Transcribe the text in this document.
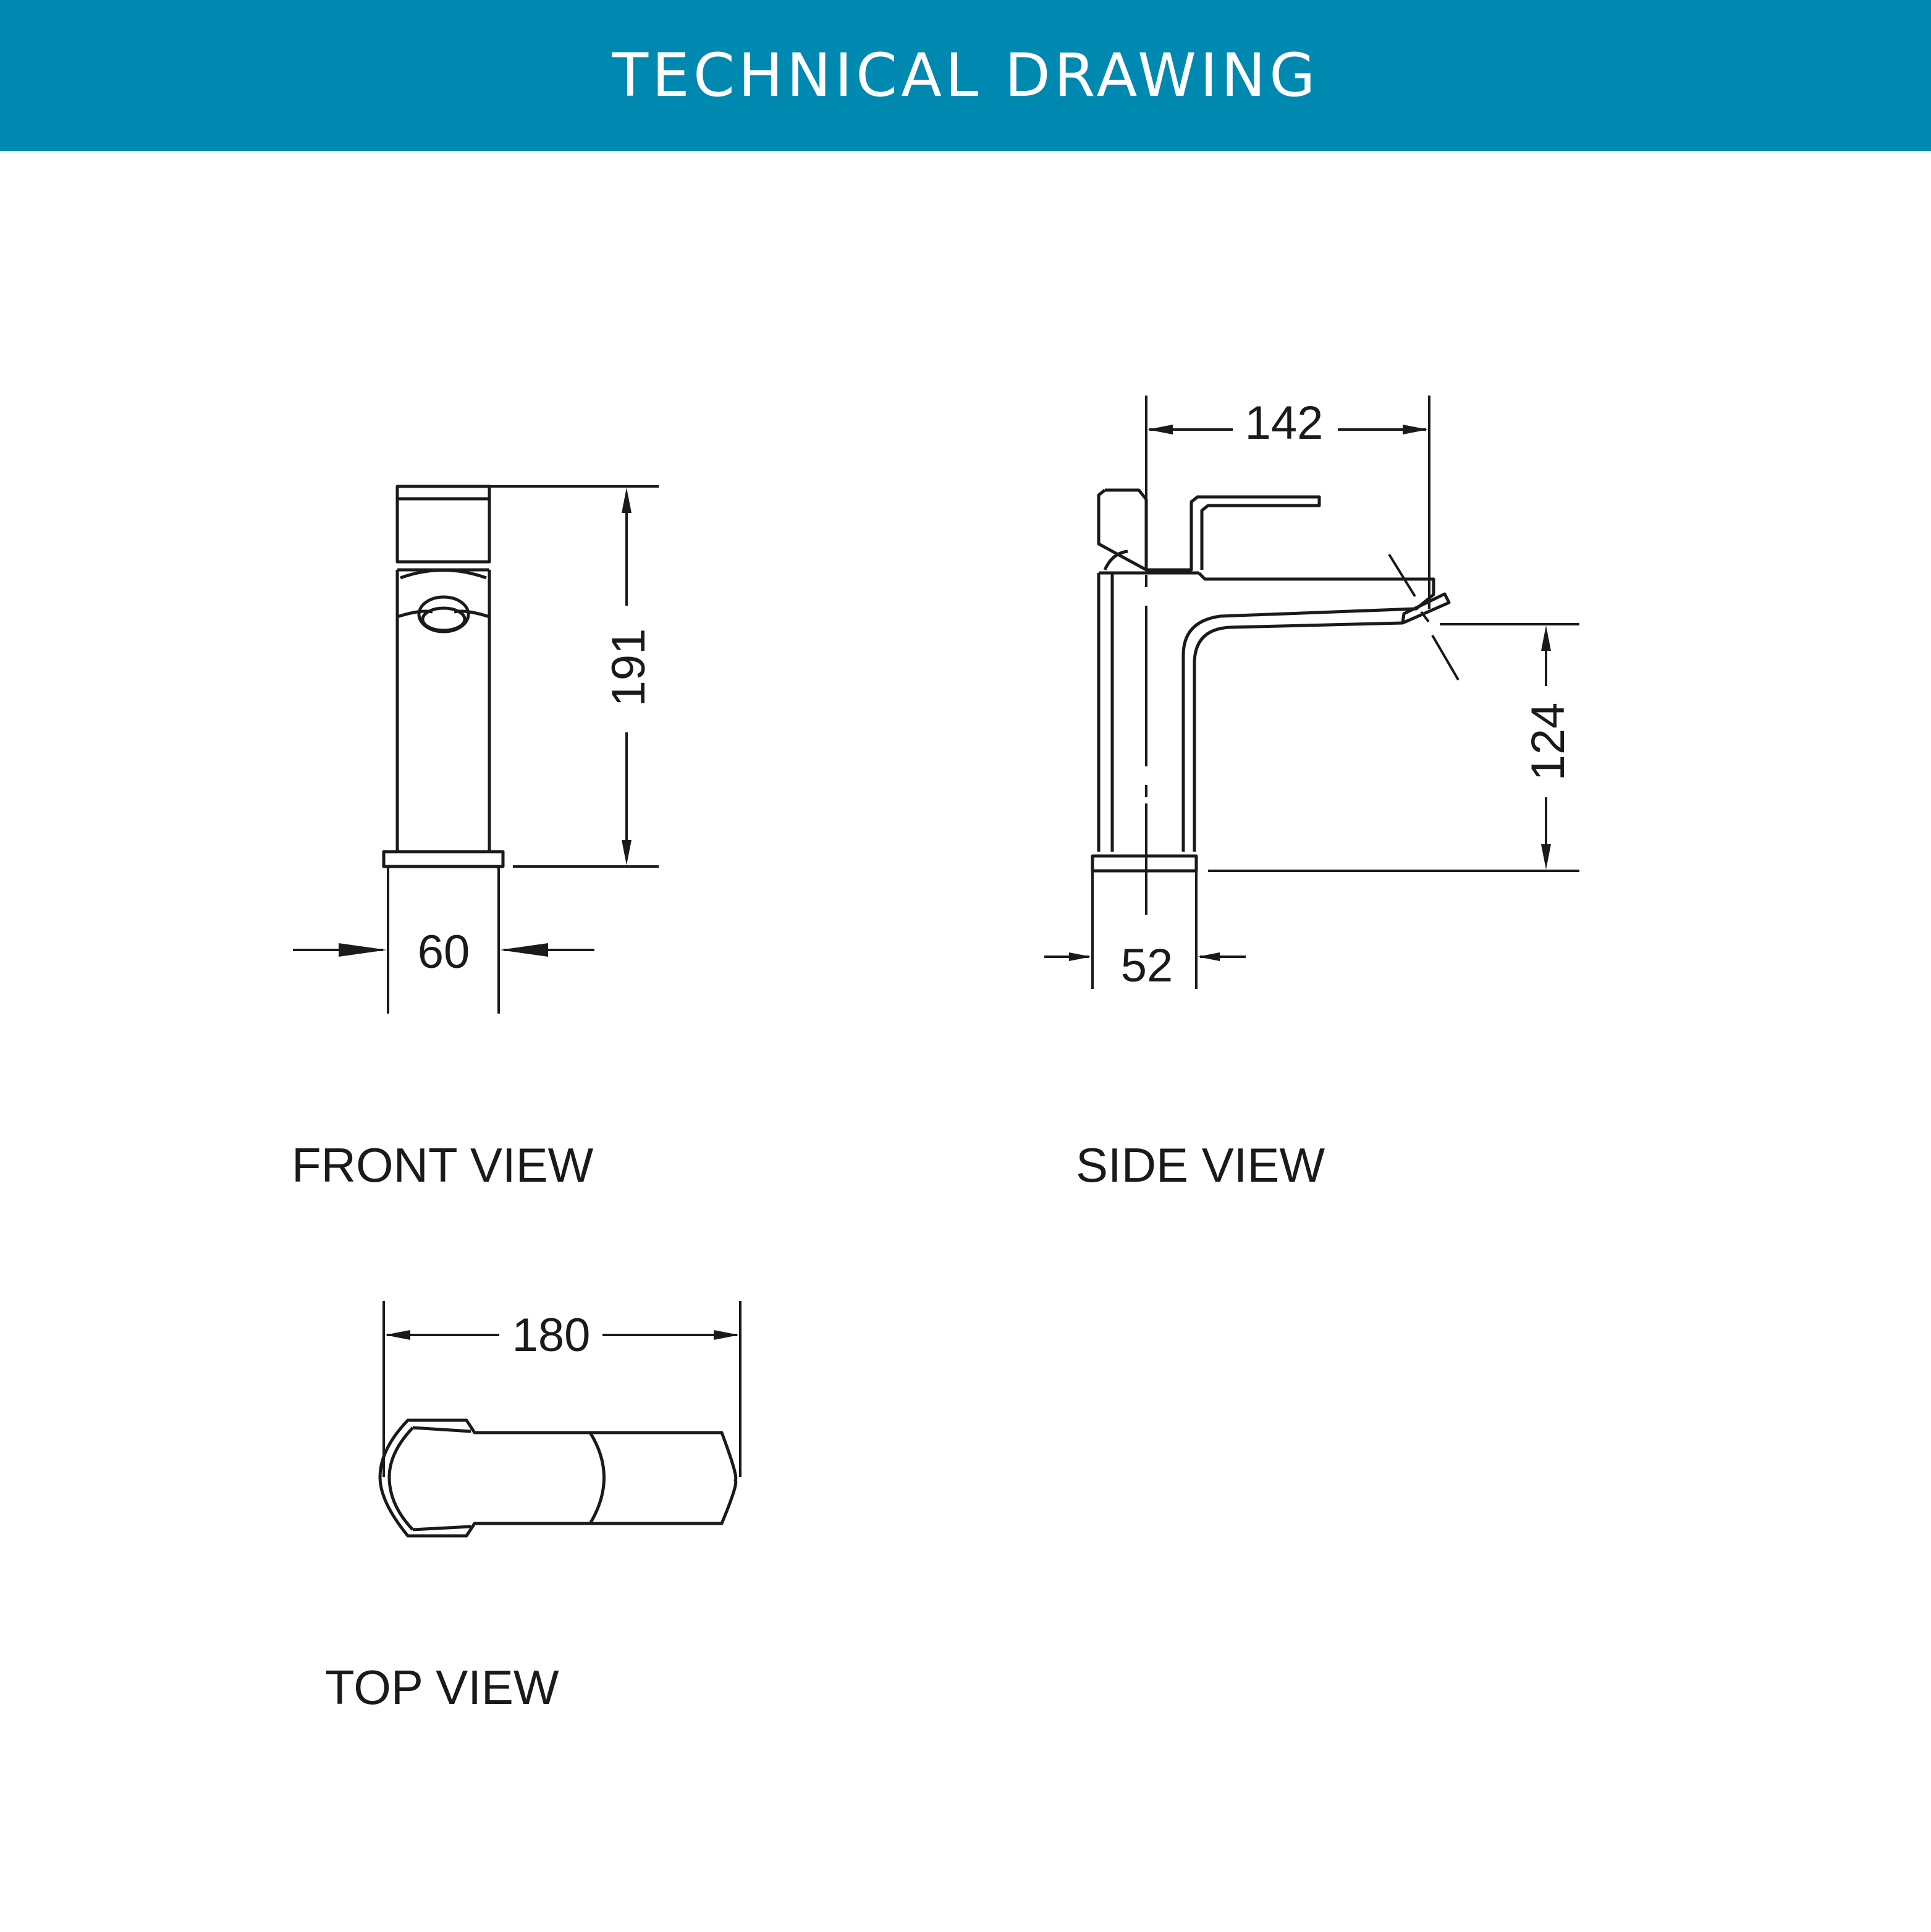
TECHNICAL DRAWING
191
60
142
124
52
180
FRONT VIEW	SIDE VIEW
TOP VIEW
